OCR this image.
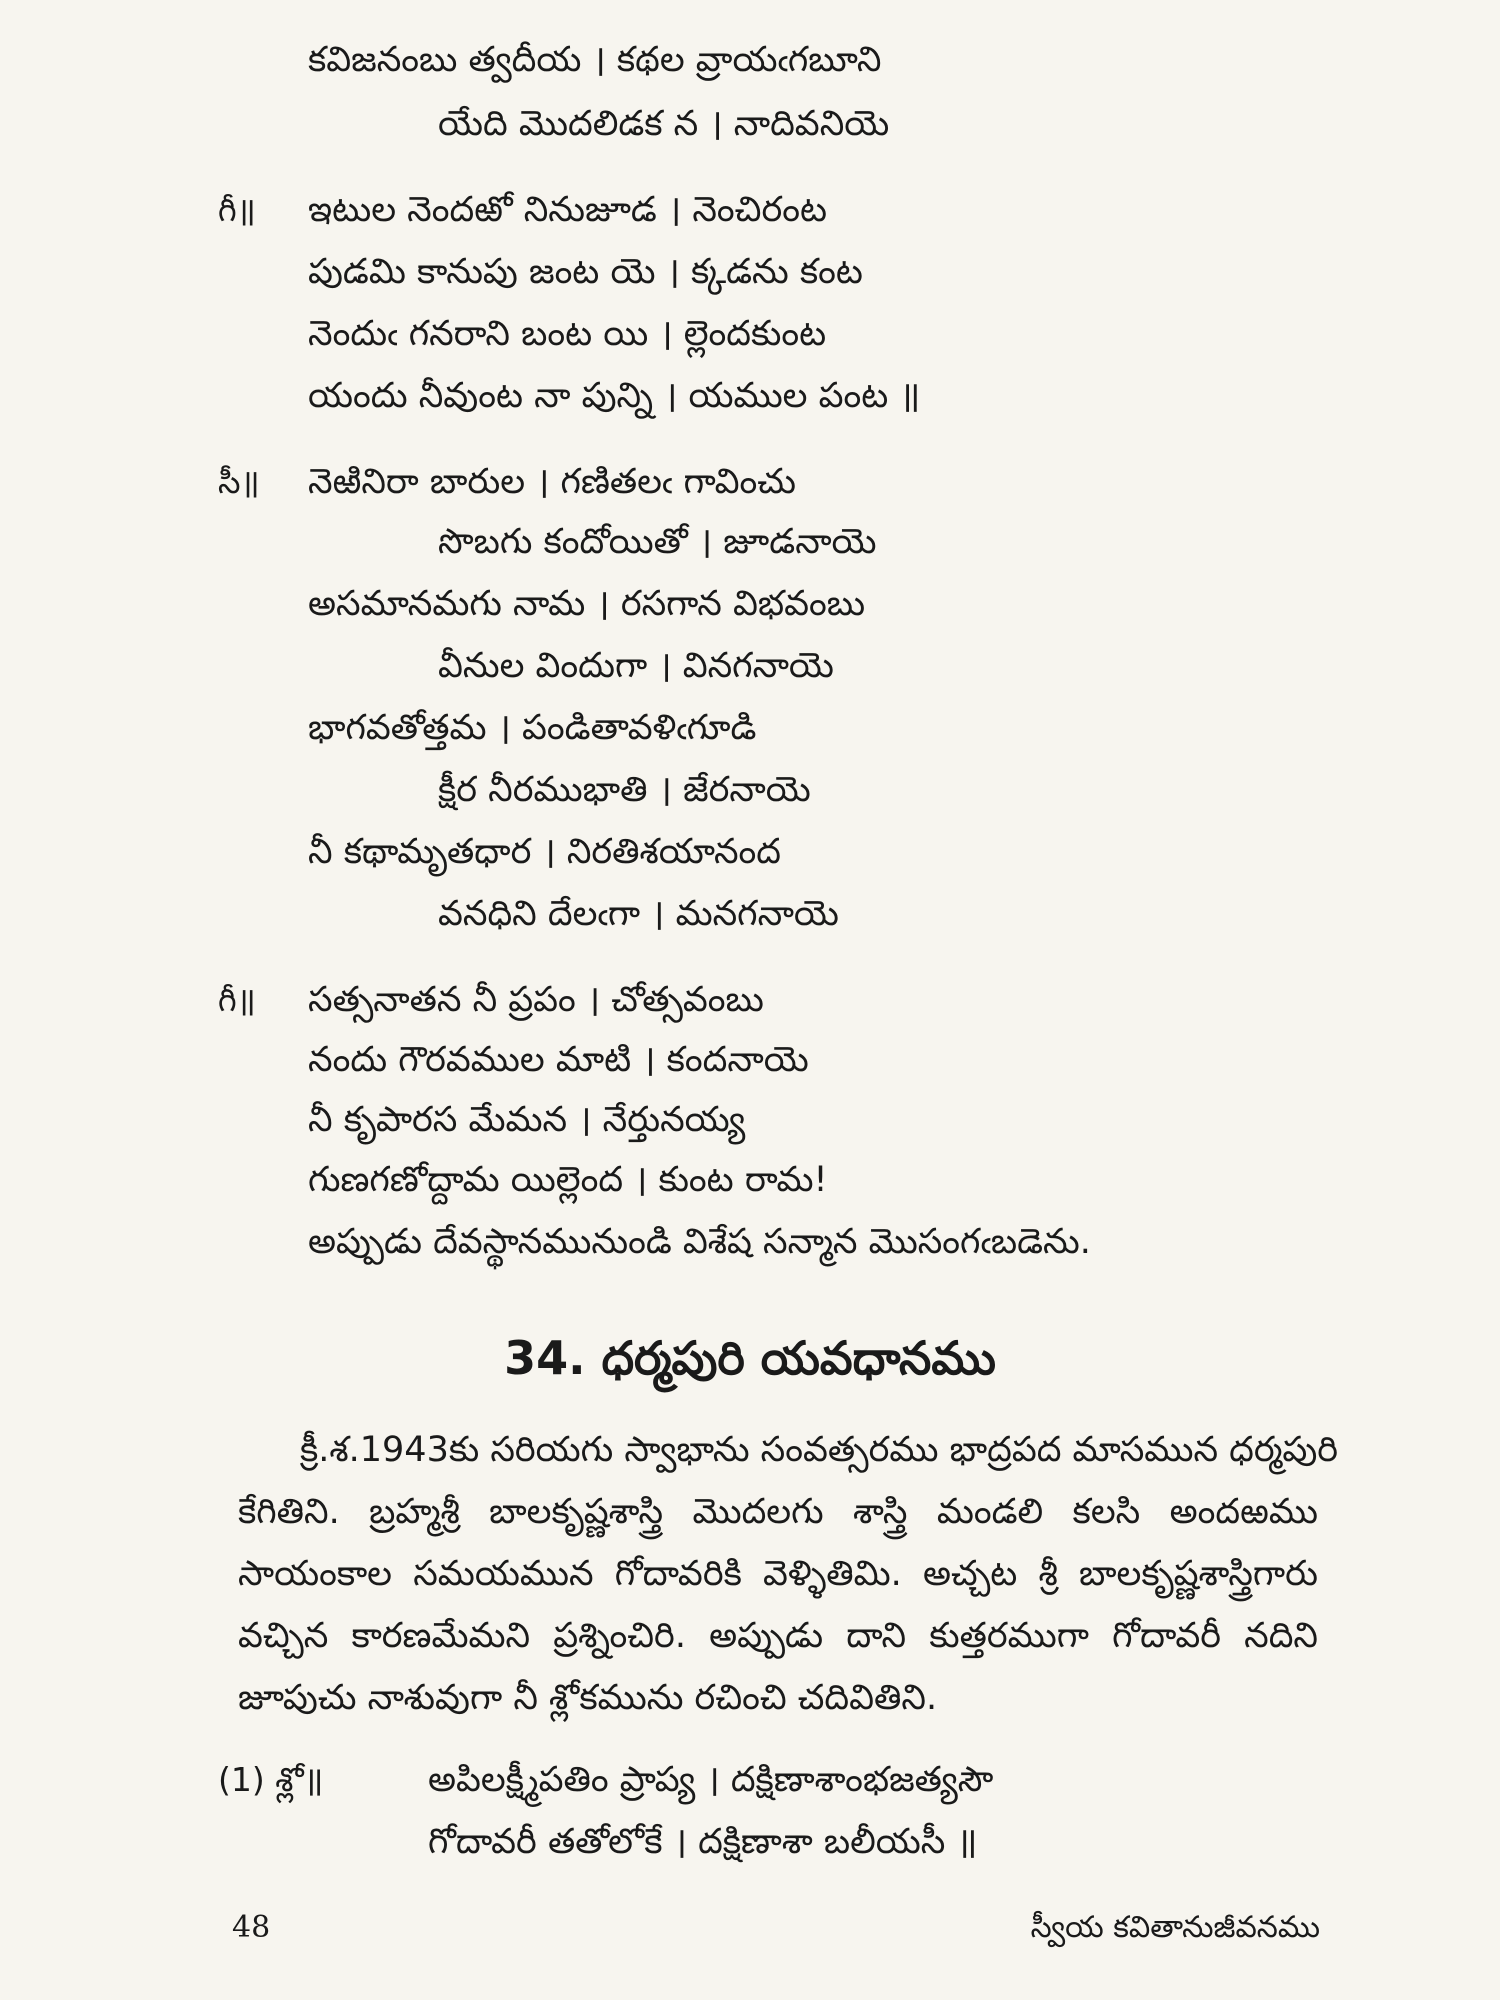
కవిజనంబు త్వదీయ । కథల వ్రాయఁగబూని
యేది మొదలిడక న । నాదివనియె
గీ॥ ఇటుల నెందఱో నినుజూడ । నెంచిరంట
పుడమి కానుపు జంట యె । క్కడను కంట
నెందుఁ గనరాని బంట యి । ల్లెందకుంట
యందు నీవుంట నా పున్ని । యముల పంట ॥
సీ॥ నెఱినిరా బారుల । గణితలఁ గావించు
సొబగు కందోయితో । జూడనాయె
అసమానమగు నామ । రసగాన విభవంబు
వీనుల విందుగా । వినగనాయె
భాగవతోత్తమ । పండితావళిఁగూడి
క్షీర నీరముభాతి । జేరనాయె
నీ కథామృతధార । నిరతిశయానంద
వనధిని దేలఁగా । మనగనాయె
గీ॥ సత్సనాతన నీ ప్రపం । చోత్సవంబు
నందు గౌరవముల మాటి । కందనాయె
నీ కృపారస మేమన । నేర్తునయ్య
గుణగణోద్దామ యిల్లెంద । కుంట రామ!
అప్పుడు దేవస్థానమునుండి విశేష సన్మాన మొసంగఁబడెను.
34. ధర్మపురి యవధానము
క్రీ.శ.1943కు సరియగు స్వాభాను సంవత్సరము భాద్రపద మాసమున ధర్మపురి
కేగితిని. బ్రహ్మశ్రీ బాలకృష్ణశాస్త్రి మొదలగు శాస్త్రి మండలి కలసి అందఱము
సాయంకాల సమయమున గోదావరికి వెళ్ళితిమి. అచ్చట శ్రీ బాలకృష్ణశాస్త్రిగారు
వచ్చిన కారణమేమని ప్రశ్నించిరి. అప్పుడు దాని కుత్తరముగా గోదావరీ నదిని
జూపుచు నాశువుగా నీ శ్లోకమును రచించి చదివితిని.
(1) శ్లో॥	అపిలక్ష్మీపతిం ప్రాప్య । దక్షిణాశాంభజత్యసౌ
గోదావరీ తతోలోకే । దక్షిణాశా బలీయసీ ॥
48	స్వీయ కవితానుజీవనము
